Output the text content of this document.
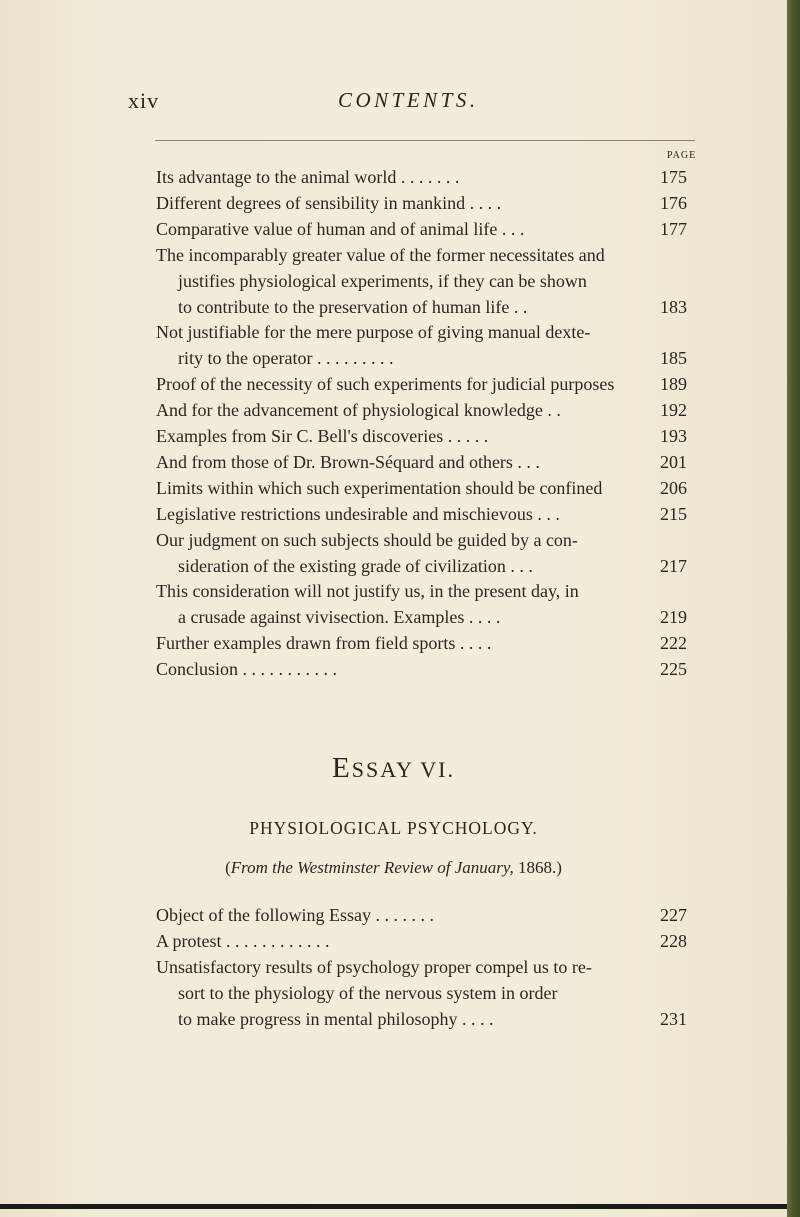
xiv	CONTENTS.
PAGE
Its advantage to the animal world . . . . . . .	175
Different degrees of sensibility in mankind . . . .	176
Comparative value of human and of animal life . . .	177
The incomparably greater value of the former necessitates and
justifies physiological experiments, if they can be shown
to contribute to the preservation of human life . .	183
Not justifiable for the mere purpose of giving manual dexte-
rity to the operator . . . . . . . . .	185
Proof of the necessity of such experiments for judicial purposes	189
And for the advancement of physiological knowledge . .	192
Examples from Sir C. Bell's discoveries . . . . .	193
And from those of Dr. Brown-Séquard and others . . .	201
Limits within which such experimentation should be confined	206
Legislative restrictions undesirable and mischievous . . .	215
Our judgment on such subjects should be guided by a con-
sideration of the existing grade of civilization . . .	217
This consideration will not justify us, in the present day, in
a crusade against vivisection. Examples . . . .	219
Further examples drawn from field sports . . . .	222
Conclusion . . . . . . . . . . .	225
ESSAY VI.
PHYSIOLOGICAL PSYCHOLOGY.
(From the Westminster Review of January, 1868.)
Object of the following Essay . . . . . . .	227
A protest . . . . . . . . . . . .	228
Unsatisfactory results of psychology proper compel us to re-
sort to the physiology of the nervous system in order
to make progress in mental philosophy . . . .	231
